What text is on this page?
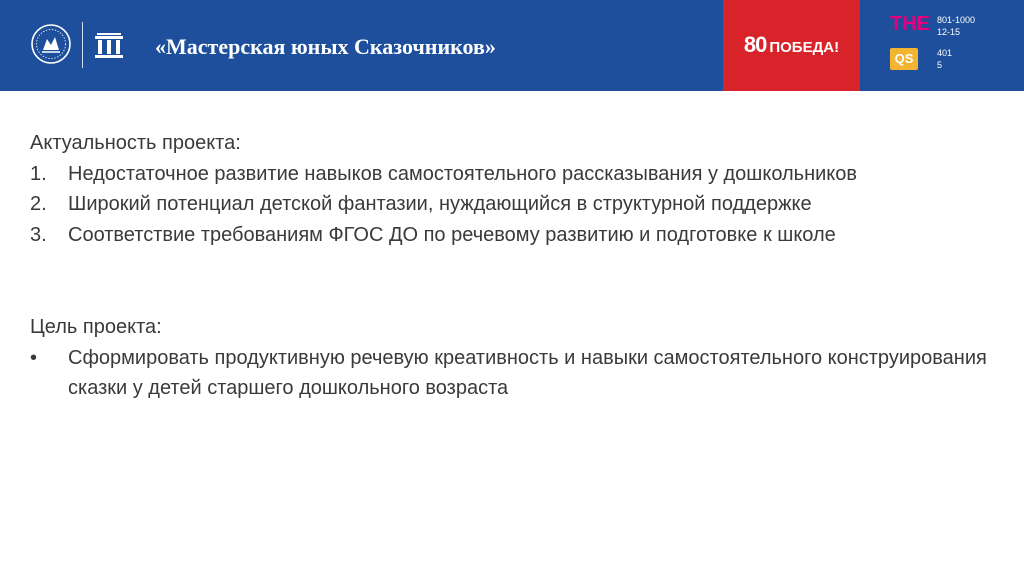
«Мастерская юных Сказочников»	80 ПОБЕДА!
THE
QS
801-1000
12-15
401
5
Актуальность проекта:
1.	Недостаточное развитие навыков самостоятельного рассказывания у дошкольников
2.	Широкий потенциал детской фантазии, нуждающийся в структурной поддержке
3.	Соответствие требованиям ФГОС ДО по речевому развитию и подготовке к школе
Цель проекта:
•	Сформировать продуктивную речевую креативность и навыки самостоятельного конструирования сказки у детей старшего дошкольного возраста
